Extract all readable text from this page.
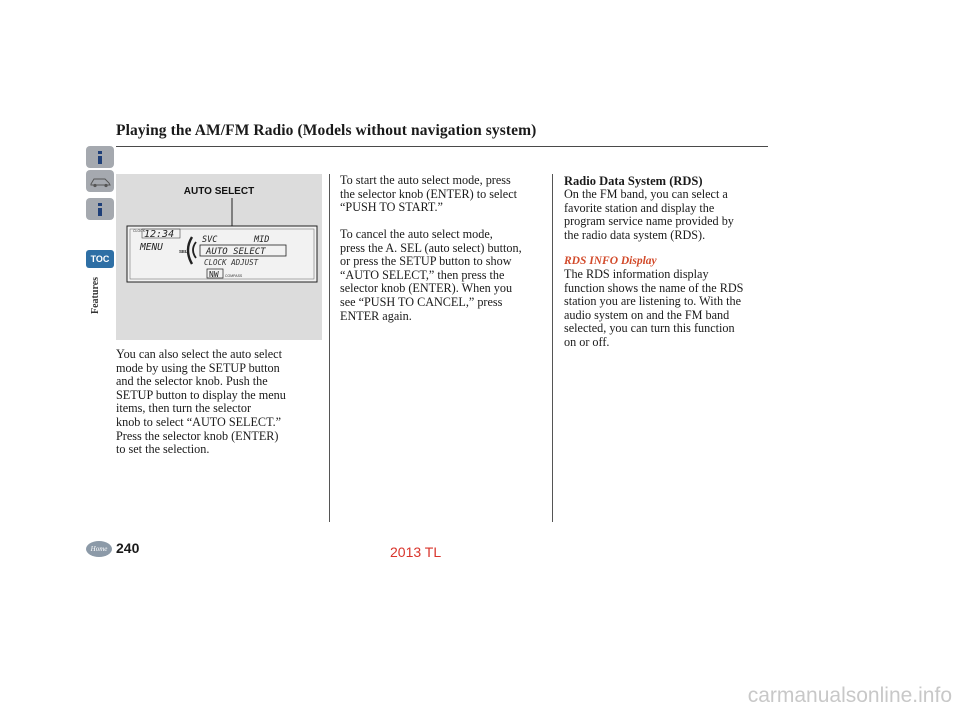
Playing the AM/FM Radio (Models without navigation system)
TOC
Features
AUTO SELECT
CLOCK
12:34
MENU	SEL
SVC	MID
AUTO SELECT
CLOCK ADJUST
NW COMPASS
You can also select the auto select
mode by using the SETUP button
and the selector knob. Push the
SETUP button to display the menu
items, then turn the selector
knob to select “AUTO SELECT.”
Press the selector knob (ENTER)
to set the selection.
To start the auto select mode, press
the selector knob (ENTER) to select
“PUSH TO START.”
To cancel the auto select mode,
press the A. SEL (auto select) button,
or press the SETUP button to show
“AUTO SELECT,” then press the
selector knob (ENTER). When you
see “PUSH TO CANCEL,” press
ENTER again.
Radio Data System (RDS)
On the FM band, you can select a
favorite station and display the
program service name provided by
the radio data system (RDS).
RDS INFO Display
The RDS information display
function shows the name of the RDS
station you are listening to. With the
audio system on and the FM band
selected, you can turn this function
on or off.
Home 240	2013 TL
carmanualsonline.info
